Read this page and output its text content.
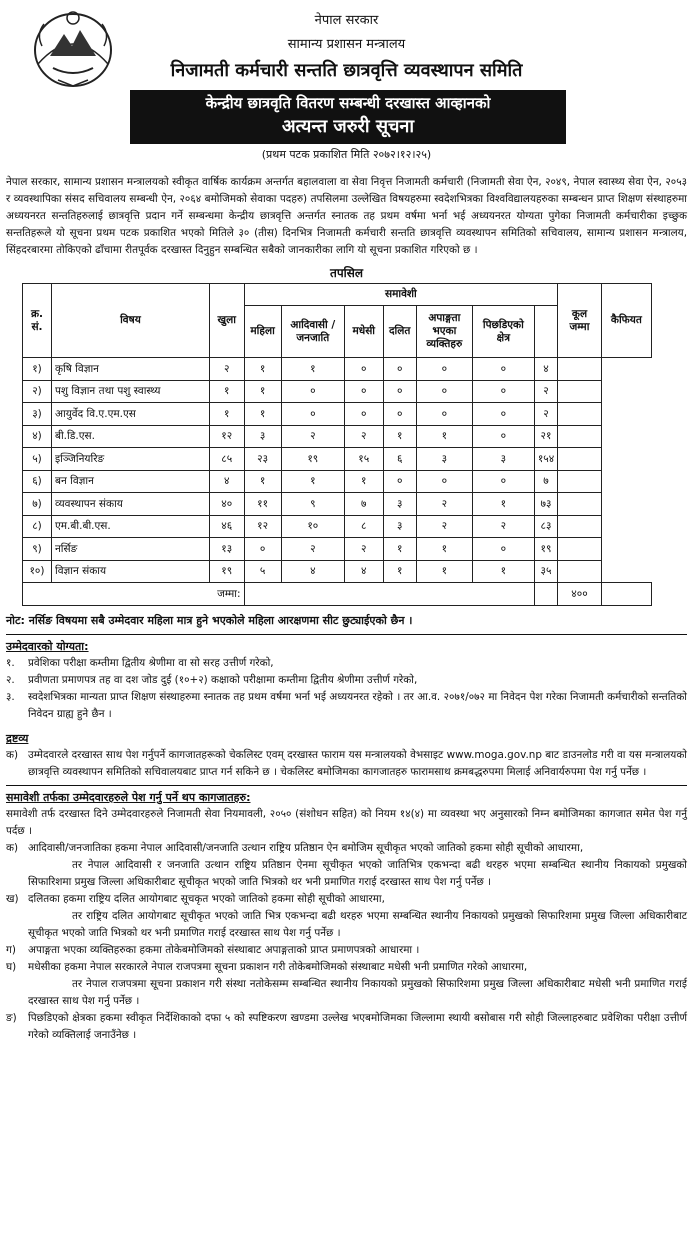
नेपाल सरकार
सामान्य प्रशासन मन्त्रालय
निजामती कर्मचारी सन्तति छात्रवृत्ति व्यवस्थापन समिति
केन्द्रीय छात्रवृति वितरण सम्बन्धी दरखास्त आव्हानको
अत्यन्त जरुरी सूचना
(प्रथम पटक प्रकाशित मिति २०७२।१२।२५)

नेपाल सरकार, सामान्य प्रशासन मन्त्रालयको स्वीकृत वार्षिक कार्यक्रम अन्तर्गत बहालवाला वा सेवा निवृत्त निजामती कर्मचारी (निजामती सेवा ऐन, २०४९, नेपाल स्वास्थ्य सेवा ऐन, २०५३ र व्यवस्थापिका संसद सचिवालय सम्बन्धी ऐन, २०६४ बमोजिमको सेवाका पदहरु) तपसिलमा उल्लेखित विषयहरुमा स्वदेशभित्रका विश्वविद्यालयहरुका सम्बन्धन प्राप्त शिक्षण संस्थाहरुमा अध्ययनरत सन्ततिहरुलाई छात्रवृत्ति प्रदान गर्ने सम्बन्धमा केन्द्रीय छात्रवृत्ति अन्तर्गत स्नातक तह प्रथम वर्षमा भर्ना भई अध्ययनरत योग्यता पुगेका निजामती कर्मचारीका इच्छुक सन्ततिहरूले यो सूचना प्रथम पटक प्रकाशित भएको मितिले ३० (तीस) दिनभित्र निजामती कर्मचारी सन्तति छात्रवृत्ति व्यवस्थापन समितिको सचिवालय, सामान्य प्रशासन मन्त्रालय, सिंहदरबारमा तोकिएको ढाँचामा रीतपूर्वक दरखास्त दिनुहुन सम्बन्धित सबैको जानकारीका लागि यो सूचना प्रकाशित गरिएको छ ।

तपसिल
क्र. सं.	विषय	खुला	समावेशी							कूल जम्मा	कैफियत
			महिला	आदिवासी / जनजाति	मधेसी	दलित	अपाङ्गता भएका व्यक्तिहरु	पिछडिएको क्षेत्र			
१)	कृषि विज्ञान	२	१	१	०	०	०	०	४		
२)	पशु विज्ञान तथा पशु स्वास्थ्य	१	१	०	०	०	०	०	२		
३)	आयुर्वेद वि.ए.एम.एस	१	१	०	०	०	०	०	२		
४)	बी.डि.एस.	१२	३	२	२	१	१	०	२१		
५)	इञ्जिनियरिङ	८५	२३	१९	१५	६	३	३	१५४		
६)	बन विज्ञान	४	१	१	१	०	०	०	७		
७)	व्यवस्थापन संकाय	४०	११	९	७	३	२	१	७३		
८)	एम.बी.बी.एस.	४६	१२	१०	८	३	२	२	८३		
९)	नर्सिङ	१३	०	२	२	१	१	०	१९		
१०)	विज्ञान संकाय	१९	५	४	४	१	१	१	३५		
जम्मा:										४००	
नोट: नर्सिङ विषयमा सबै उम्मेदवार महिला मात्र हुने भएकोले महिला आरक्षणमा सीट छुट्याईएको छैन ।
उम्मेदवारको योग्यता:
१.	प्रवेशिका परीक्षा कम्तीमा द्वितीय श्रेणीमा वा सो सरह उत्तीर्ण गरेको,
२.	प्रवीणता प्रमाणपत्र तह वा दश जोड दुई (१०+२) कक्षाको परीक्षामा कम्तीमा द्वितीय श्रेणीमा उत्तीर्ण गरेको,
३.	स्वदेशभित्रका मान्यता प्राप्त शिक्षण संस्थाहरुमा स्नातक तह प्रथम वर्षमा भर्ना भई अध्ययनरत रहेको । तर आ.व. २०७१/०७२ मा निवेदन पेश गरेका निजामती कर्मचारीको सन्ततिको निवेदन ग्राह्य हुने छैन ।
द्रष्टव्य
क) उम्मेदवारले दरखास्त साथ पेश गर्नुपर्ने कागजातहरूको चेकलिस्ट एवम् दरखास्त फाराम यस मन्त्रालयको वेभसाइट www.moga.gov.np बाट डाउनलोड गरी वा यस मन्त्रालयको छात्रवृत्ति व्यवस्थापन समितिको सचिवालयबाट प्राप्त गर्न सकिने छ । चेकलिस्ट बमोजिमका कागजातहरु फारामसाथ क्रमबद्धरुपमा मिलाई अनिवार्यरुपमा पेश गर्नु पर्नेछ ।
समावेशी तर्फका उम्मेदवारहरुले पेश गर्नु पर्ने थप कागजातहरु:

समावेशी तर्फ दरखास्त दिने उम्मेदवारहरुले निजामती सेवा नियमावली, २०५० (संशोधन सहित) को नियम १४(४) मा व्यवस्था भए अनुसारको निम्न बमोजिमका कागजात समेत पेश गर्नु पर्दछ ।

क) आदिवासी/जनजातिका हकमा नेपाल आदिवासी/जनजाति उत्थान राष्ट्रिय प्रतिष्ठान ऐन बमोजिम सूचीकृत भएको जातिको हकमा सोही सूचीको आधारमा,
तर नेपाल आदिवासी र जनजाति उत्थान राष्ट्रिय प्रतिष्ठान ऐनमा सूचीकृत भएको जातिभित्र एकभन्दा बढी थरहरु भएमा सम्बन्धित स्थानीय निकायको प्रमुखको सिफारिशमा प्रमुख जिल्ला अधिकारीबाट सूचीकृत भएको जाति भित्रको थर भनी प्रमाणित गराई दरखास्त साथ पेश गर्नु पर्नेछ ।
ख) दलितका हकमा राष्ट्रिय दलित आयोगबाट सूचकृत भएको जातिको हकमा सोही सूचीको आधारमा,
तर राष्ट्रिय दलित आयोगबाट सूचीकृत भएको जाति भित्र एकभन्दा बढी थरहरु भएमा सम्बन्धित स्थानीय निकायको प्रमुखको सिफारिशमा प्रमुख जिल्ला अधिकारीबाट सूचीकृत भएको जाति भित्रको थर भनी प्रमाणित गराई दरखास्त साथ पेश गर्नु पर्नेछ ।
ग)	अपाङ्गता भएका व्यक्तिहरुका हकमा तोकेबमोजिमको संस्थाबाट अपाङ्गताको प्राप्त प्रमाणपत्रको आधारमा ।
घ)	मधेसीका हकमा नेपाल सरकारले नेपाल राजपत्रमा सूचना प्रकाशन गरी तोकेबमोजिमको संस्थाबाट मधेसी भनी प्रमाणित गरेको आधारमा,
तर नेपाल राजपत्रमा सूचना प्रकाशन गरी संस्था नतोकेसम्म सम्बन्धित स्थानीय निकायको प्रमुखको सिफारिशमा प्रमुख जिल्ला अधिकारीबाट मधेसी भनी प्रमाणित गराई दरखास्त साथ पेश गर्नु पर्नेछ ।
ङ)	पिछडिएको क्षेत्रका हकमा स्वीकृत निर्देशिकाको दफा ५ को स्पष्टिकरण खण्डमा उल्लेख भएबमोजिमका जिल्लामा स्थायी बसोबास गरी सोही जिल्लाहरुबाट प्रवेशिका परीक्षा उत्तीर्ण गरेको व्यक्तिलाई जनाउँनेछ ।
